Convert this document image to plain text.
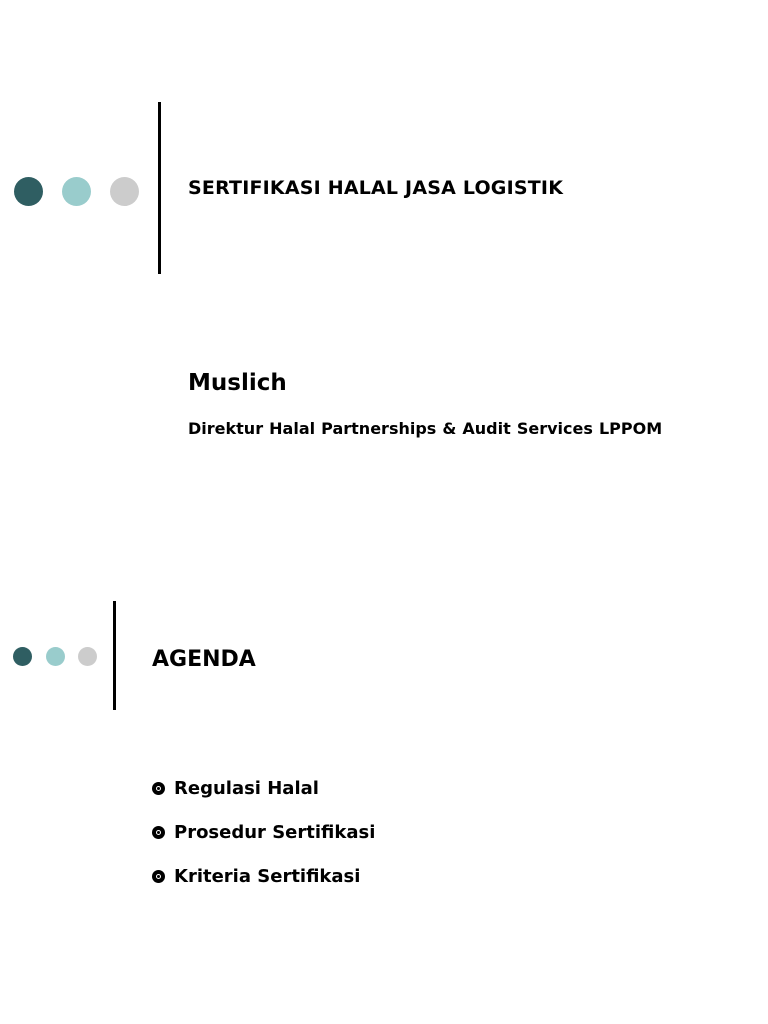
SERTIFIKASI HALAL JASA LOGISTIK
Muslich
Direktur Halal Partnerships & Audit Services LPPOM
AGENDA
Regulasi Halal
Prosedur Sertifikasi
Kriteria Sertifikasi
